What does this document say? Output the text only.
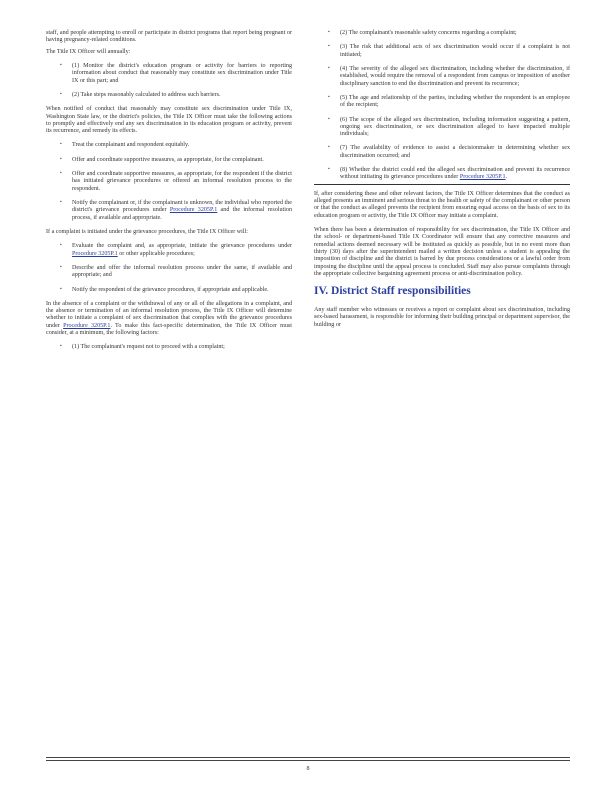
staff, and people attempting to enroll or participate in district programs that report being pregnant or having pregnancy-related conditions.

The Title IX Officer will annually:

▪ (1) Monitor the district's education program or activity for barriers to reporting information about conduct that reasonably may constitute sex discrimination under Title IX or this part; and
▪ (2) Take steps reasonably calculated to address such barriers.

When notified of conduct that reasonably may constitute sex discrimination under Title IX, Washington State law, or the district's policies, the Title IX Officer must take the following actions to promptly and effectively end any sex discrimination in its education program or activity, prevent its recurrence, and remedy its effects.

▪ Treat the complainant and respondent equitably.
▪ Offer and coordinate supportive measures, as appropriate, for the complainant.
▪ Offer and coordinate supportive measures, as appropriate, for the respondent if the district has initiated grievance procedures or offered an informal resolution process to the respondent.
▪ Notify the complainant or, if the complainant is unknown, the individual who reported the district's grievance procedures under Procedure 3205P.1 and the informal resolution process, if available and appropriate.

If a complaint is initiated under the grievance procedures, the Title IX Officer will:

▪ Evaluate the complaint and, as appropriate, initiate the grievance procedures under Procedure 3205P.1 or other applicable procedures;
▪ Describe and offer the informal resolution process under the same, if available and appropriate; and
▪ Notify the respondent of the grievance procedures, if appropriate and applicable.

In the absence of a complaint or the withdrawal of any or all of the allegations in a complaint, and the absence or termination of an informal resolution process, the Title IX Officer will determine whether to initiate a complaint of sex discrimination that complies with the grievance procedures under Procedure 3205P.1. To make this fact-specific determination, the Title IX Officer must consider, at a minimum, the following factors:

▪ (1) The complainant's request not to proceed with a complaint;
▪ (2) The complainant's reasonable safety concerns regarding a complaint;
▪ (3) The risk that additional acts of sex discrimination would occur if a complaint is not initiated;
▪ (4) The severity of the alleged sex discrimination, including whether the discrimination, if established, would require the removal of a respondent from campus or imposition of another disciplinary sanction to end the discrimination and prevent its recurrence;
▪ (5) The age and relationship of the parties, including whether the respondent is an employee of the recipient;
▪ (6) The scope of the alleged sex discrimination, including information suggesting a pattern, ongoing sex discrimination, or sex discrimination alleged to have impacted multiple individuals;
▪ (7) The availability of evidence to assist a decisionmaker in determining whether sex discrimination occurred; and
▪ (8) Whether the district could end the alleged sex discrimination and prevent its recurrence without initiating its grievance procedures under Procedure 3205P.1.

If, after considering these and other relevant factors, the Title IX Officer determines that the conduct as alleged presents an imminent and serious threat to the health or safety of the complainant or other person or that the conduct as alleged prevents the recipient from ensuring equal access on the basis of sex to its education program or activity, the Title IX Officer may initiate a complaint.

When there has been a determination of responsibility for sex discrimination, the Title IX Officer and the school- or department-based Title IX Coordinator will ensure that any corrective measures and remedial actions deemed necessary will be instituted as quickly as possible, but in no event more than thirty (30) days after the superintendent mailed a written decision unless a student is appealing the imposition of discipline and the district is barred by due process considerations or a lawful order from imposing the discipline until the appeal process is concluded. Staff may also pursue complaints through the appropriate collective bargaining agreement process or anti-discrimination policy.

IV. District Staff responsibilities

Any staff member who witnesses or receives a report or complaint about sex discrimination, including sex-based harassment, is responsible for informing their building principal or department supervisor, the building or

8
